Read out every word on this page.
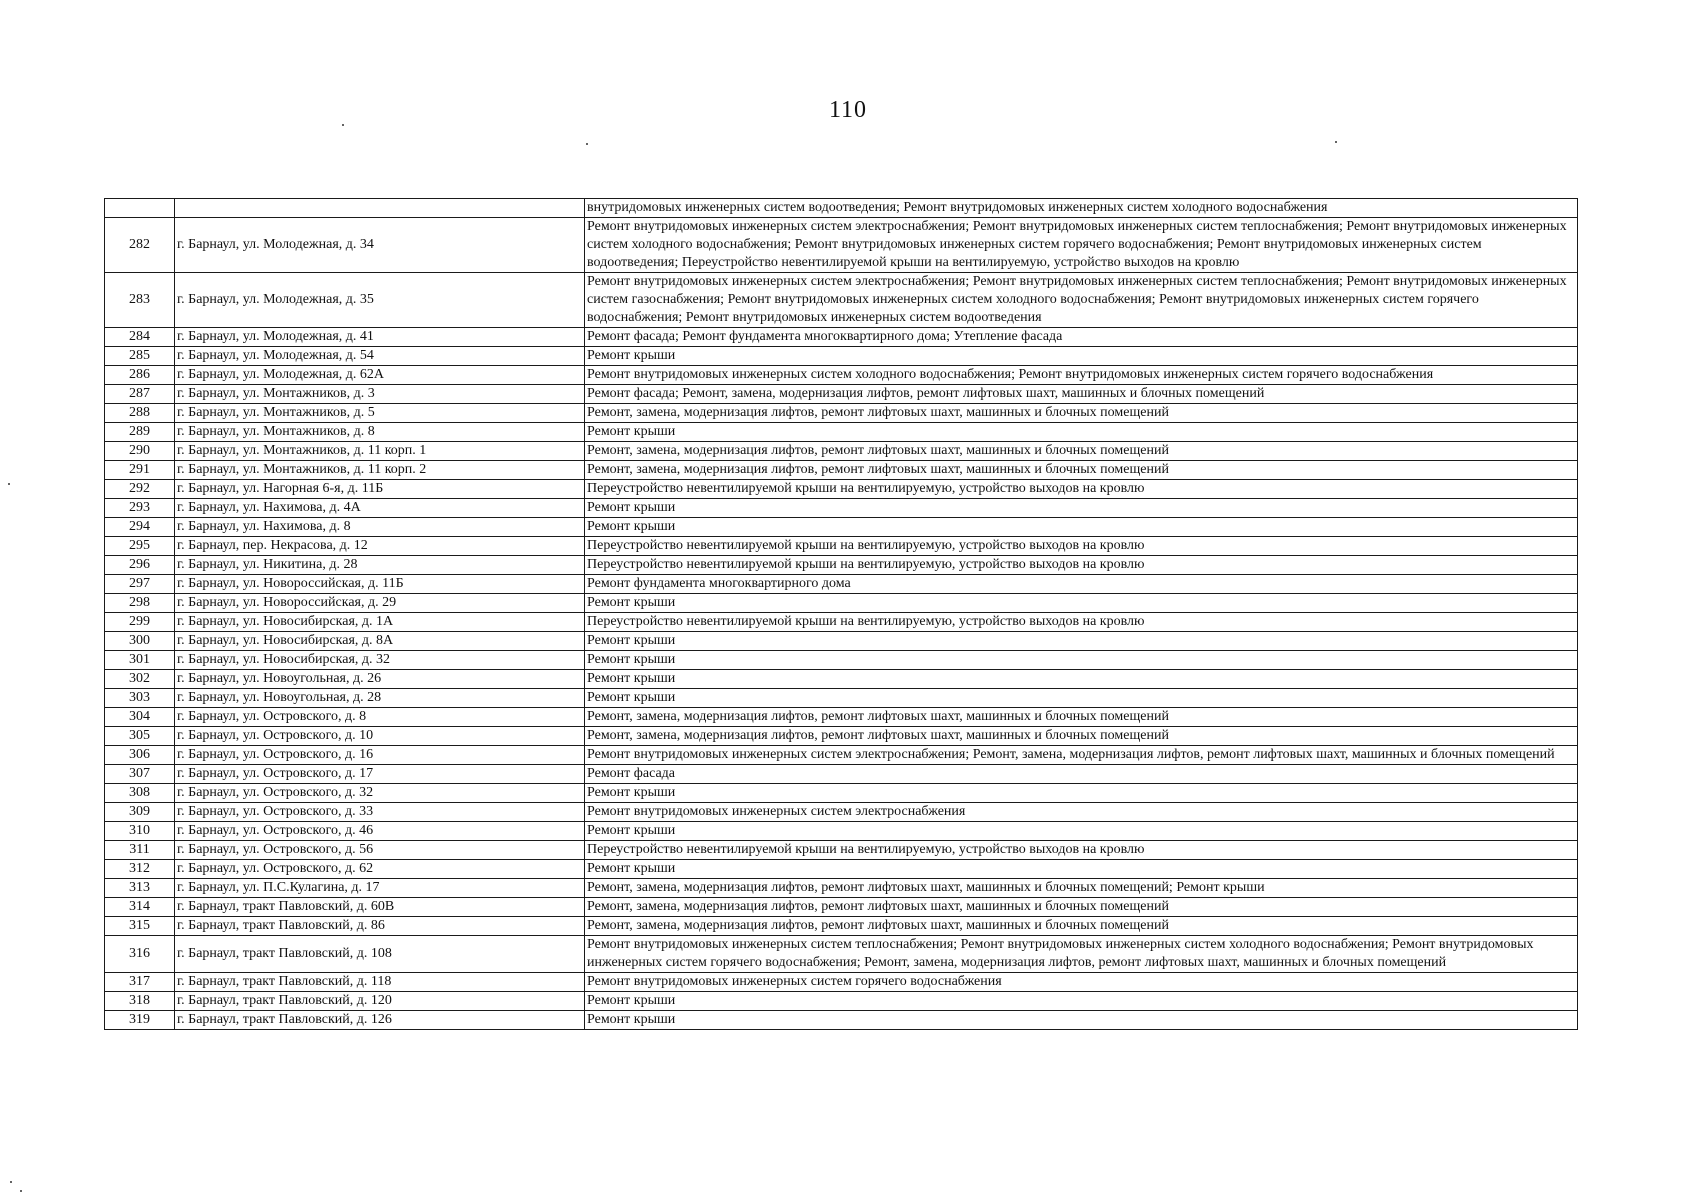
110
		внутридомовых инженерных систем водоотведения; Ремонт внутридомовых инженерных систем холодного водоснабжения
282	г. Барнаул, ул. Молодежная, д. 34	Ремонт внутридомовых инженерных систем электроснабжения; Ремонт внутридомовых инженерных систем теплоснабжения; Ремонт внутридомовых инженерных систем холодного водоснабжения; Ремонт внутридомовых инженерных систем горячего водоснабжения; Ремонт внутридомовых инженерных систем водоотведения; Переустройство невентилируемой крыши на вентилируемую, устройство выходов на кровлю
283	г. Барнаул, ул. Молодежная, д. 35	Ремонт внутридомовых инженерных систем электроснабжения; Ремонт внутридомовых инженерных систем теплоснабжения; Ремонт внутридомовых инженерных систем газоснабжения; Ремонт внутридомовых инженерных систем холодного водоснабжения; Ремонт внутридомовых инженерных систем горячего водоснабжения; Ремонт внутридомовых инженерных систем водоотведения
284	г. Барнаул, ул. Молодежная, д. 41	Ремонт фасада; Ремонт фундамента многоквартирного дома; Утепление фасада
285	г. Барнаул, ул. Молодежная, д. 54	Ремонт крыши
286	г. Барнаул, ул. Молодежная, д. 62А	Ремонт внутридомовых инженерных систем холодного водоснабжения; Ремонт внутридомовых инженерных систем горячего водоснабжения
287	г. Барнаул, ул. Монтажников, д. 3	Ремонт фасада; Ремонт, замена, модернизация лифтов, ремонт лифтовых шахт, машинных и блочных помещений
288	г. Барнаул, ул. Монтажников, д. 5	Ремонт, замена, модернизация лифтов, ремонт лифтовых шахт, машинных и блочных помещений
289	г. Барнаул, ул. Монтажников, д. 8	Ремонт крыши
290	г. Барнаул, ул. Монтажников, д. 11 корп. 1	Ремонт, замена, модернизация лифтов, ремонт лифтовых шахт, машинных и блочных помещений
291	г. Барнаул, ул. Монтажников, д. 11 корп. 2	Ремонт, замена, модернизация лифтов, ремонт лифтовых шахт, машинных и блочных помещений
292	г. Барнаул, ул. Нагорная 6-я, д. 11Б	Переустройство невентилируемой крыши на вентилируемую, устройство выходов на кровлю
293	г. Барнаул, ул. Нахимова, д. 4А	Ремонт крыши
294	г. Барнаул, ул. Нахимова, д. 8	Ремонт крыши
295	г. Барнаул, пер. Некрасова, д. 12	Переустройство невентилируемой крыши на вентилируемую, устройство выходов на кровлю
296	г. Барнаул, ул. Никитина, д. 28	Переустройство невентилируемой крыши на вентилируемую, устройство выходов на кровлю
297	г. Барнаул, ул. Новороссийская, д. 11Б	Ремонт фундамента многоквартирного дома
298	г. Барнаул, ул. Новороссийская, д. 29	Ремонт крыши
299	г. Барнаул, ул. Новосибирская, д. 1А	Переустройство невентилируемой крыши на вентилируемую, устройство выходов на кровлю
300	г. Барнаул, ул. Новосибирская, д. 8А	Ремонт крыши
301	г. Барнаул, ул. Новосибирская, д. 32	Ремонт крыши
302	г. Барнаул, ул. Новоугольная, д. 26	Ремонт крыши
303	г. Барнаул, ул. Новоугольная, д. 28	Ремонт крыши
304	г. Барнаул, ул. Островского, д. 8	Ремонт, замена, модернизация лифтов, ремонт лифтовых шахт, машинных и блочных помещений
305	г. Барнаул, ул. Островского, д. 10	Ремонт, замена, модернизация лифтов, ремонт лифтовых шахт, машинных и блочных помещений
306	г. Барнаул, ул. Островского, д. 16	Ремонт внутридомовых инженерных систем электроснабжения; Ремонт, замена, модернизация лифтов, ремонт лифтовых шахт, машинных и блочных помещений
307	г. Барнаул, ул. Островского, д. 17	Ремонт фасада
308	г. Барнаул, ул. Островского, д. 32	Ремонт крыши
309	г. Барнаул, ул. Островского, д. 33	Ремонт внутридомовых инженерных систем электроснабжения
310	г. Барнаул, ул. Островского, д. 46	Ремонт крыши
311	г. Барнаул, ул. Островского, д. 56	Переустройство невентилируемой крыши на вентилируемую, устройство выходов на кровлю
312	г. Барнаул, ул. Островского, д. 62	Ремонт крыши
313	г. Барнаул, ул. П.С.Кулагина, д. 17	Ремонт, замена, модернизация лифтов, ремонт лифтовых шахт, машинных и блочных помещений; Ремонт крыши
314	г. Барнаул, тракт Павловский, д. 60В	Ремонт, замена, модернизация лифтов, ремонт лифтовых шахт, машинных и блочных помещений
315	г. Барнаул, тракт Павловский, д. 86	Ремонт, замена, модернизация лифтов, ремонт лифтовых шахт, машинных и блочных помещений
316	г. Барнаул, тракт Павловский, д. 108	Ремонт внутридомовых инженерных систем теплоснабжения; Ремонт внутридомовых инженерных систем холодного водоснабжения; Ремонт внутридомовых инженерных систем горячего водоснабжения; Ремонт, замена, модернизация лифтов, ремонт лифтовых шахт, машинных и блочных помещений
317	г. Барнаул, тракт Павловский, д. 118	Ремонт внутридомовых инженерных систем горячего водоснабжения
318	г. Барнаул, тракт Павловский, д. 120	Ремонт крыши
319	г. Барнаул, тракт Павловский, д. 126	Ремонт крыши
